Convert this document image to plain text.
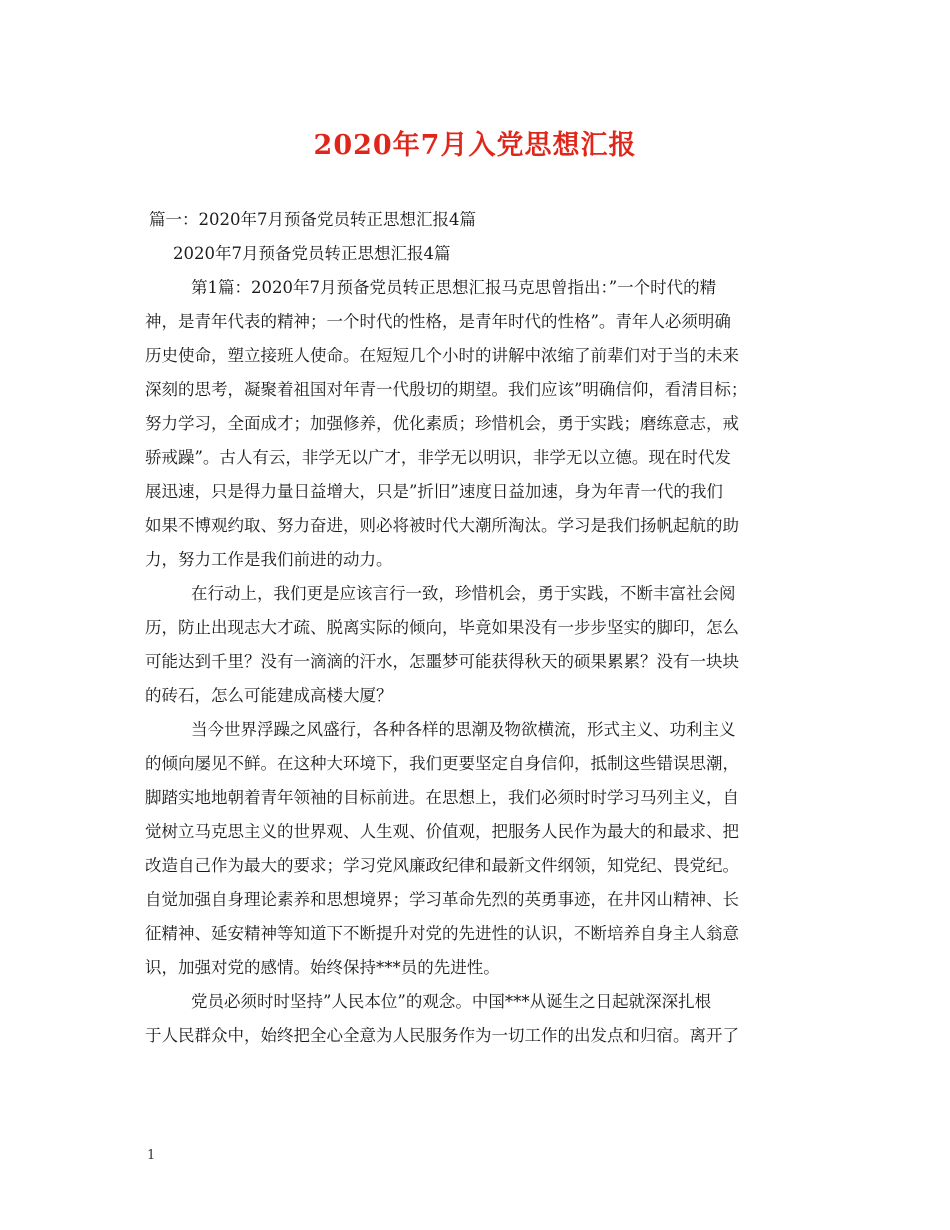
2020年7月入党思想汇报
篇一：2020年7月预备党员转正思想汇报4篇
2020年7月预备党员转正思想汇报4篇
第1篇：2020年7月预备党员转正思想汇报马克思曾指出：”一个时代的精
神，是青年代表的精神；一个时代的性格，是青年时代的性格”。青年人必须明确
历史使命，塑立接班人使命。在短短几个小时的讲解中浓缩了前辈们对于当的未来
深刻的思考，凝聚着祖国对年青一代殷切的期望。我们应该”明确信仰，看清目标；
努力学习，全面成才；加强修养，优化素质；珍惜机会，勇于实践；磨练意志，戒
骄戒躁”。古人有云，非学无以广才，非学无以明识，非学无以立德。现在时代发
展迅速，只是得力量日益增大，只是”折旧”速度日益加速，身为年青一代的我们
如果不博观约取、努力奋进，则必将被时代大潮所淘汰。学习是我们扬帆起航的助
力，努力工作是我们前进的动力。
在行动上，我们更是应该言行一致，珍惜机会，勇于实践，不断丰富社会阅
历，防止出现志大才疏、脱离实际的倾向，毕竟如果没有一步步坚实的脚印，怎么
可能达到千里？没有一滴滴的汗水，怎噩梦可能获得秋天的硕果累累？没有一块块
的砖石，怎么可能建成高楼大厦？
当今世界浮躁之风盛行，各种各样的思潮及物欲横流，形式主义、功利主义
的倾向屡见不鲜。在这种大环境下，我们更要坚定自身信仰，抵制这些错误思潮，
脚踏实地地朝着青年领袖的目标前进。在思想上，我们必须时时学习马列主义，自
觉树立马克思主义的世界观、人生观、价值观，把服务人民作为最大的和最求、把
改造自己作为最大的要求；学习党风廉政纪律和最新文件纲领，知党纪、畏党纪。
自觉加强自身理论素养和思想境界；学习革命先烈的英勇事迹，在井冈山精神、长
征精神、延安精神等知道下不断提升对党的先进性的认识，不断培养自身主人翁意
识，加强对党的感情。始终保持***员的先进性。
党员必须时时坚持”人民本位”的观念。中国***从诞生之日起就深深扎根
于人民群众中，始终把全心全意为人民服务作为一切工作的出发点和归宿。离开了
1
